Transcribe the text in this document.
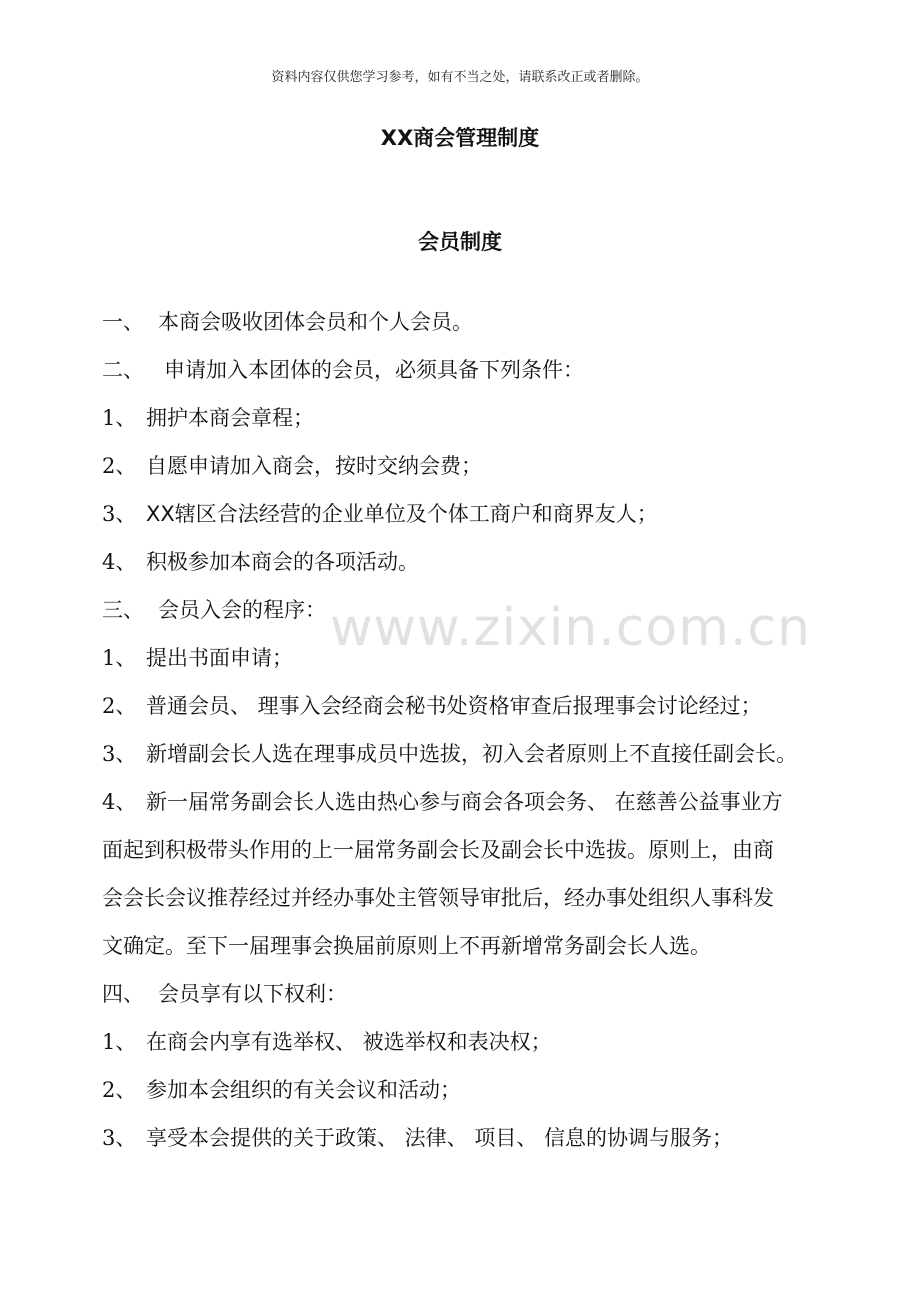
资料内容仅供您学习参考，如有不当之处，请联系改正或者删除。
XX商会管理制度
会员制度
www.zixin.com.cn
一、 本商会吸收团体会员和个人会员。
二、 申请加入本团体的会员，必须具备下列条件：
1、 拥护本商会章程；
2、 自愿申请加入商会，按时交纳会费；
3、 XX辖区合法经营的企业单位及个体工商户和商界友人；
4、 积极参加本商会的各项活动。
三、 会员入会的程序：
1、 提出书面申请；
2、 普通会员、 理事入会经商会秘书处资格审查后报理事会讨论经过；
3、 新增副会长人选在理事成员中选拔，初入会者原则上不直接任副会长。
4、 新一届常务副会长人选由热心参与商会各项会务、 在慈善公益事业方
面起到积极带头作用的上一届常务副会长及副会长中选拔。原则上，由商
会会长会议推荐经过并经办事处主管领导审批后，经办事处组织人事科发
文确定。至下一届理事会换届前原则上不再新增常务副会长人选。
四、 会员享有以下权利：
1、 在商会内享有选举权、 被选举权和表决权；
2、 参加本会组织的有关会议和活动；
3、 享受本会提供的关于政策、 法律、 项目、 信息的协调与服务；
